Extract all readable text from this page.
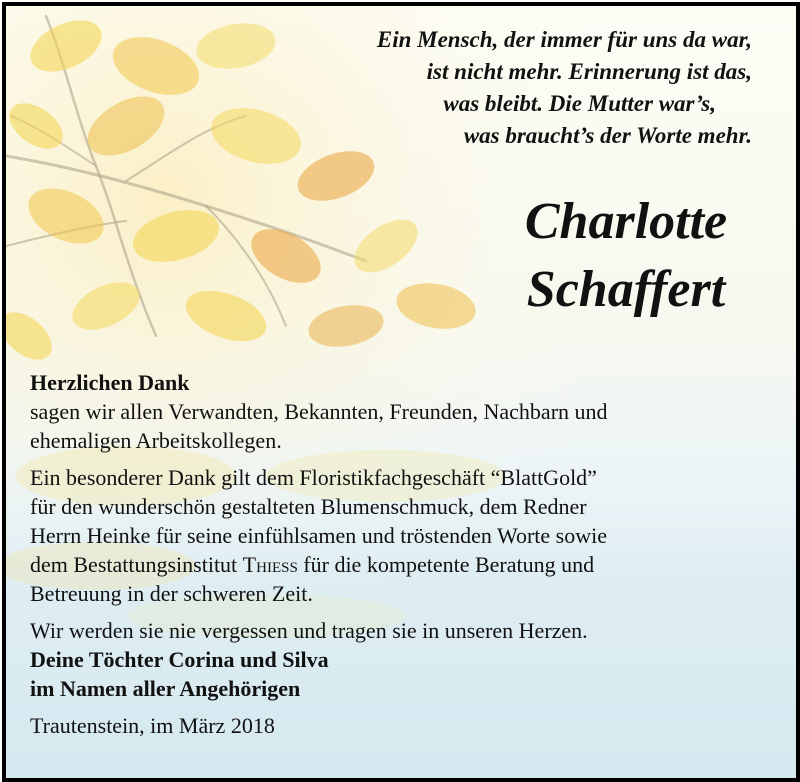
Ein Mensch, der immer für uns da war,
ist nicht mehr. Erinnerung ist das,
was bleibt. Die Mutter war’s,
was braucht’s der Worte mehr.
Charlotte
Schaffert

Herzlichen Dank

sagen wir allen Verwandten, Bekannten, Freunden, Nachbarn und

ehemaligen Arbeitskollegen.

Ein besonderer Dank gilt dem Floristikfachgeschäft “BlattGold”

für den wunderschön gestalteten Blumenschmuck, dem Redner

Herrn Heinke für seine einfühlsamen und tröstenden Worte sowie

dem Bestattungsinstitut Thieß für die kompetente Beratung und

Betreuung in der schweren Zeit.

Wir werden sie nie vergessen und tragen sie in unseren Herzen.

Deine Töchter Corina und Silva

im Namen aller Angehörigen

Trautenstein, im März 2018
